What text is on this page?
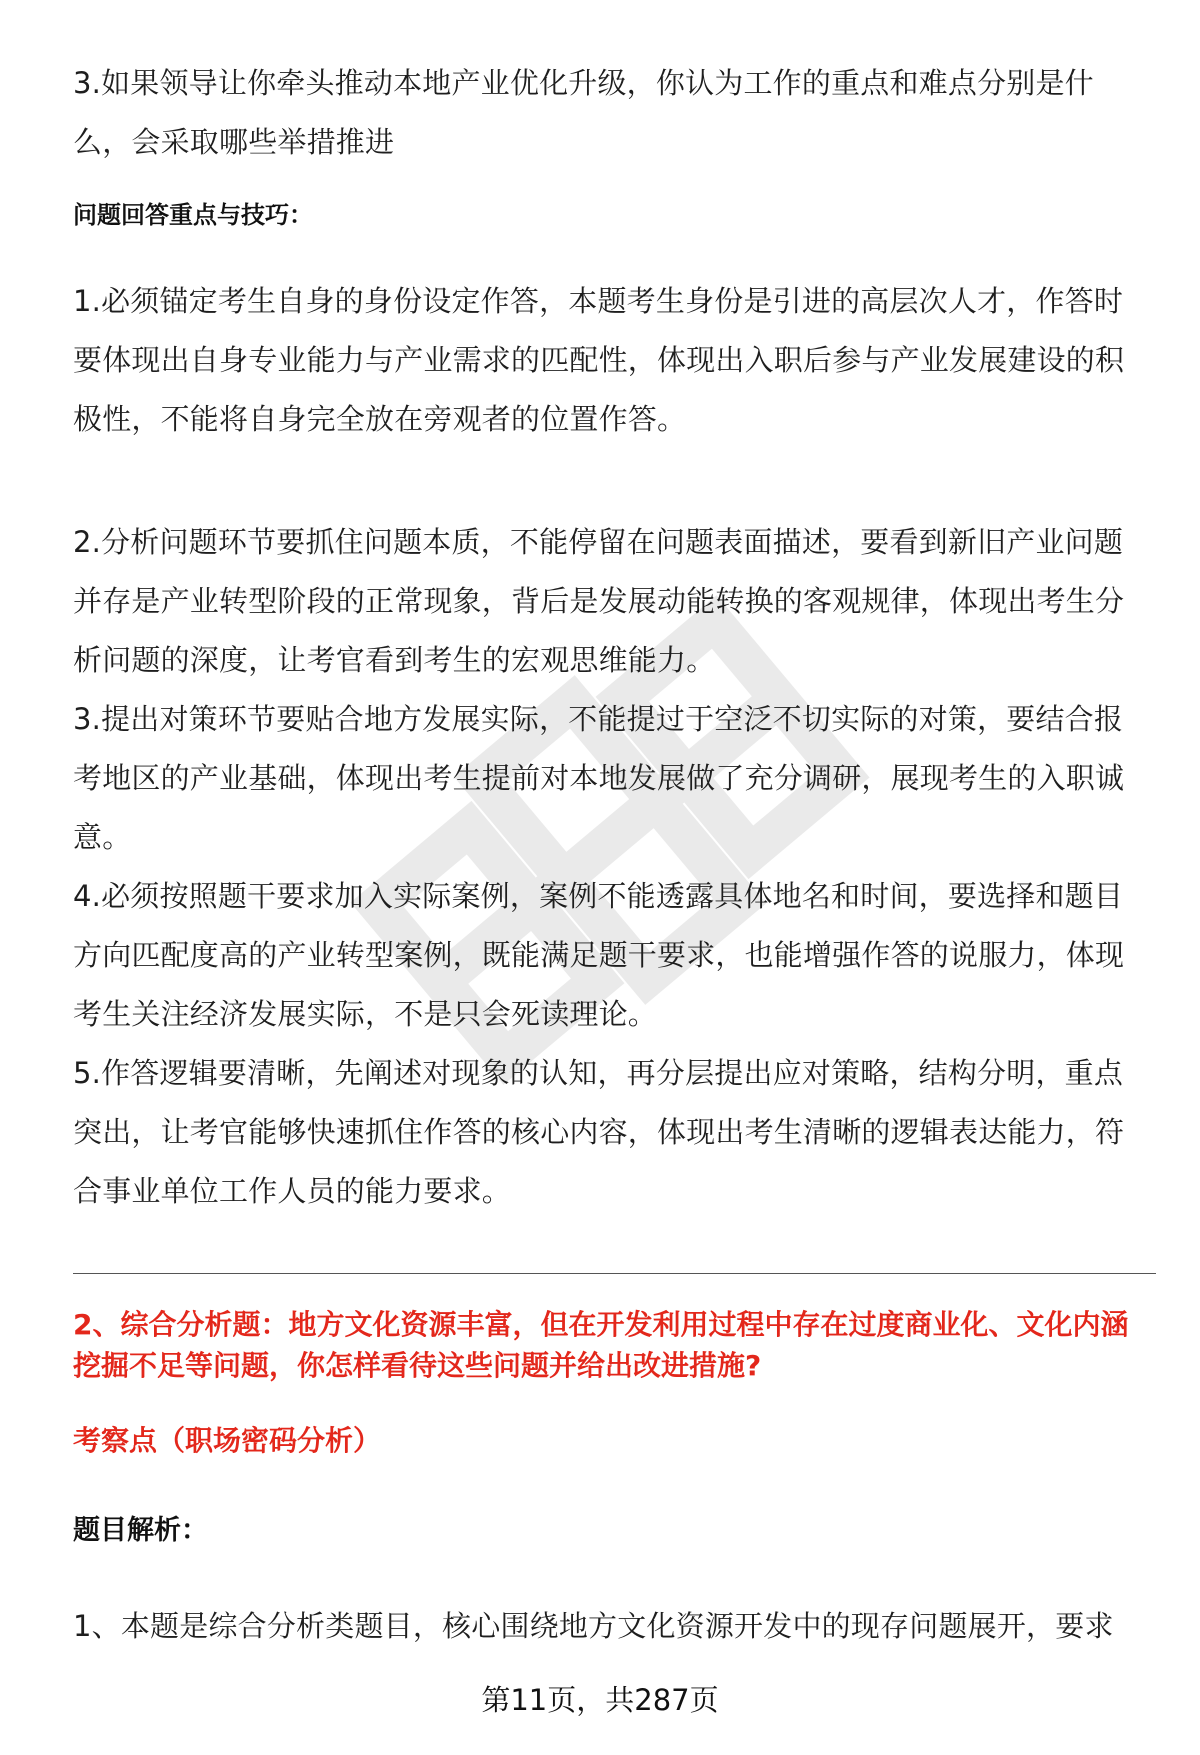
3.如果领导让你牵头推动本地产业优化升级，你认为工作的重点和难点分别是什么，会采取哪些举措推进

问题回答重点与技巧：

1.必须锚定考生自身的身份设定作答，本题考生身份是引进的高层次人才，作答时要体现出自身专业能力与产业需求的匹配性，体现出入职后参与产业发展建设的积极性，不能将自身完全放在旁观者的位置作答。

2.分析问题环节要抓住问题本质，不能停留在问题表面描述，要看到新旧产业问题并存是产业转型阶段的正常现象，背后是发展动能转换的客观规律，体现出考生分析问题的深度，让考官看到考生的宏观思维能力。

3.提出对策环节要贴合地方发展实际，不能提过于空泛不切实际的对策，要结合报考地区的产业基础，体现出考生提前对本地发展做了充分调研，展现考生的入职诚意。

4.必须按照题干要求加入实际案例，案例不能透露具体地名和时间，要选择和题目方向匹配度高的产业转型案例，既能满足题干要求，也能增强作答的说服力，体现考生关注经济发展实际，不是只会死读理论。

5.作答逻辑要清晰，先阐述对现象的认知，再分层提出应对策略，结构分明，重点突出，让考官能够快速抓住作答的核心内容，体现出考生清晰的逻辑表达能力，符合事业单位工作人员的能力要求。

2、综合分析题：地方文化资源丰富，但在开发利用过程中存在过度商业化、文化内涵挖掘不足等问题，你怎样看待这些问题并给出改进措施?

考察点（职场密码分析）

题目解析：

1、本题是综合分析类题目，核心围绕地方文化资源开发中的现存问题展开，要求

第11页，共287页
